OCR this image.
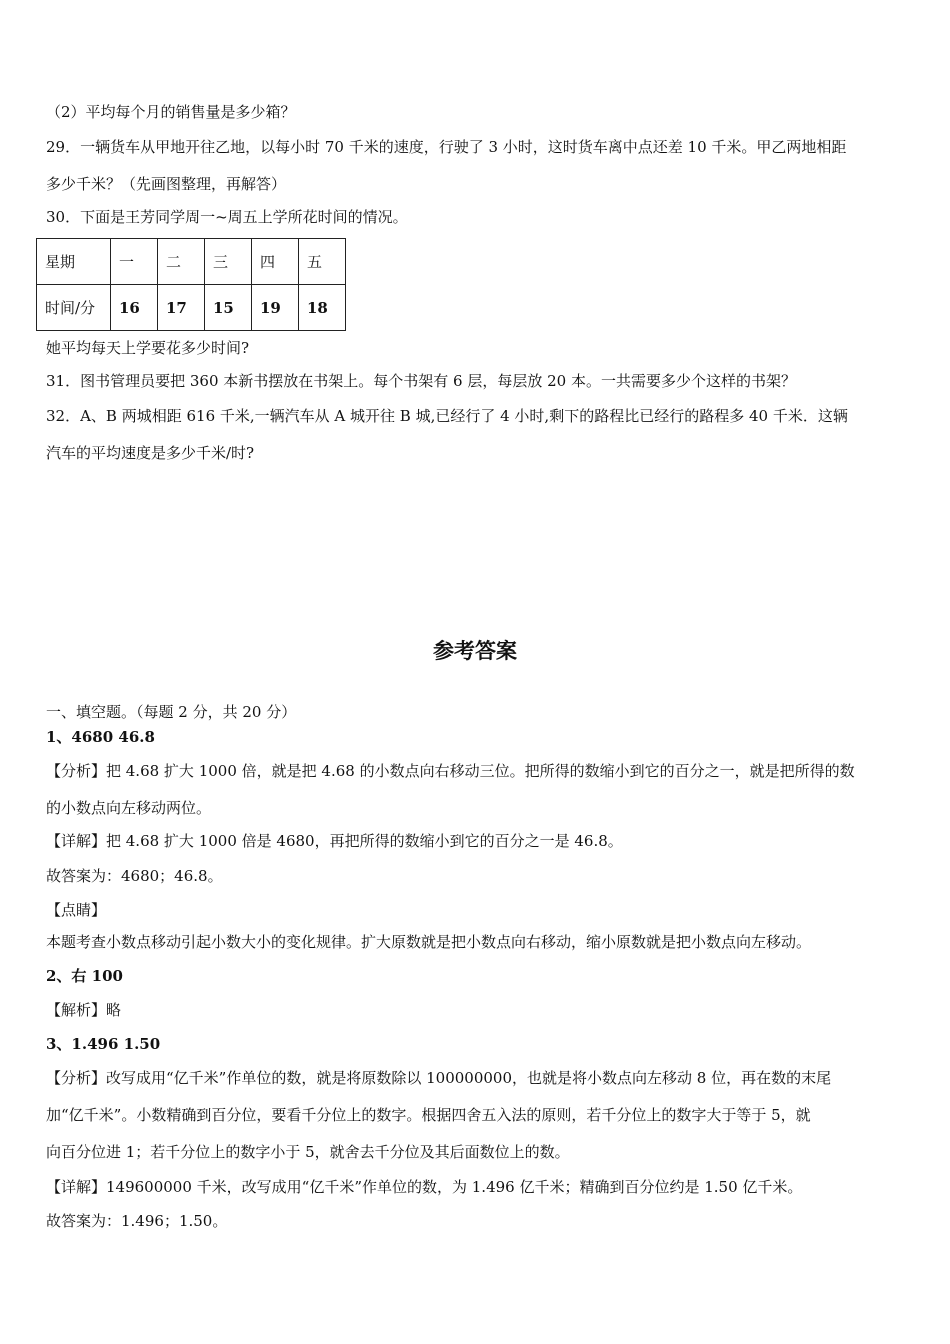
（2）平均每个月的销售量是多少箱？
29．一辆货车从甲地开往乙地，以每小时 70 千米的速度，行驶了 3 小时，这时货车离中点还差 10 千米。甲乙两地相距
多少千米？（先画图整理，再解答）
30．下面是王芳同学周一~周五上学所花时间的情况。
星期	一	二	三	四	五
时间/分	16	17	15	19	18
她平均每天上学要花多少时间?
31．图书管理员要把 360 本新书摆放在书架上。每个书架有 6 层，每层放 20 本。一共需要多少个这样的书架？
32．A、B 两城相距 616 千米,一辆汽车从 A 城开往 B 城,已经行了 4 小时,剩下的路程比已经行的路程多 40 千米．这辆
汽车的平均速度是多少千米/时?
参考答案
一、填空题。（每题 2 分，共 20 分）
1、4680 46.8
【分析】把 4.68 扩大 1000 倍，就是把 4.68 的小数点向右移动三位。把所得的数缩小到它的百分之一，就是把所得的数
的小数点向左移动两位。
【详解】把 4.68 扩大 1000 倍是 4680，再把所得的数缩小到它的百分之一是 46.8。
故答案为：4680；46.8。
【点睛】
本题考查小数点移动引起小数大小的变化规律。扩大原数就是把小数点向右移动，缩小原数就是把小数点向左移动。
2、右 100
【解析】略
3、1.496 1.50
【分析】改写成用“亿千米”作单位的数，就是将原数除以 100000000，也就是将小数点向左移动 8 位，再在数的末尾
加“亿千米”。小数精确到百分位，要看千分位上的数字。根据四舍五入法的原则，若千分位上的数字大于等于 5，就
向百分位进 1；若千分位上的数字小于 5，就舍去千分位及其后面数位上的数。
【详解】149600000 千米，改写成用“亿千米”作单位的数，为 1.496 亿千米；精确到百分位约是 1.50 亿千米。
故答案为：1.496；1.50。
